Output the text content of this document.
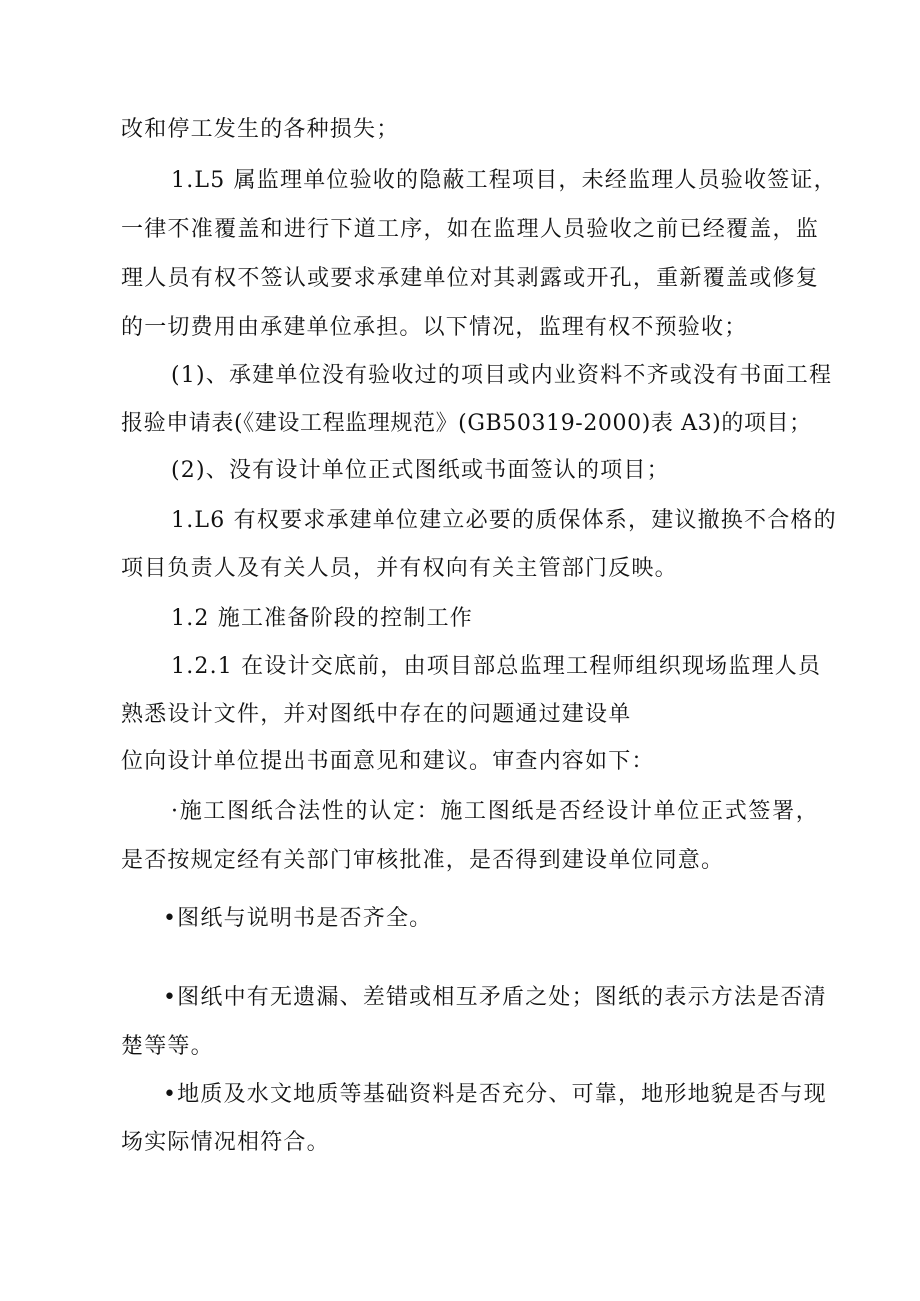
改和停工发生的各种损失；
1.L5 属监理单位验收的隐蔽工程项目，未经监理人员验收签证，
一律不准覆盖和进行下道工序，如在监理人员验收之前已经覆盖，监
理人员有权不签认或要求承建单位对其剥露或开孔，重新覆盖或修复
的一切费用由承建单位承担。以下情况，监理有权不预验收；
(1)、承建单位没有验收过的项目或内业资料不齐或没有书面工程
报验申请表(《建设工程监理规范》(GB50319-2000)表 A3)的项目；
(2)、没有设计单位正式图纸或书面签认的项目；
1.L6 有权要求承建单位建立必要的质保体系，建议撤换不合格的
项目负责人及有关人员，并有权向有关主管部门反映。
1.2 施工准备阶段的控制工作
1.2.1 在设计交底前，由项目部总监理工程师组织现场监理人员
熟悉设计文件，并对图纸中存在的问题通过建设单
位向设计单位提出书面意见和建议。审查内容如下：
·施工图纸合法性的认定：施工图纸是否经设计单位正式签署，
是否按规定经有关部门审核批准，是否得到建设单位同意。
•图纸与说明书是否齐全。
•图纸中有无遗漏、差错或相互矛盾之处；图纸的表示方法是否清
楚等等。
•地质及水文地质等基础资料是否充分、可靠，地形地貌是否与现
场实际情况相符合。
